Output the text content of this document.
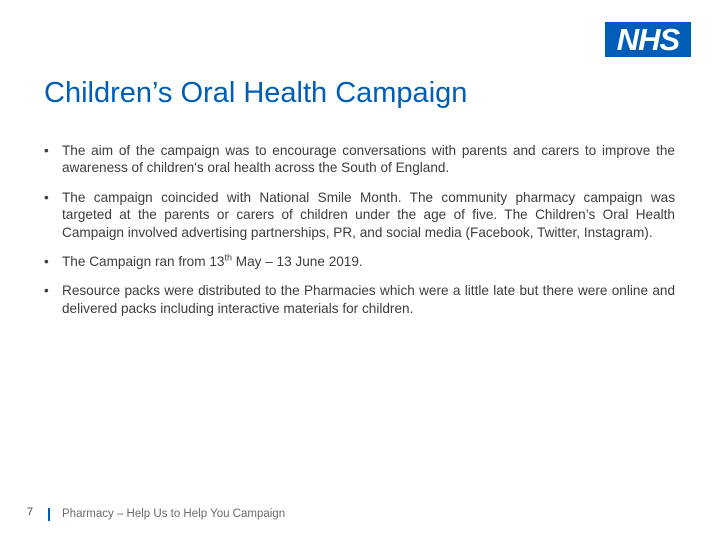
NHS
Children’s Oral Health Campaign
• The aim of the campaign was to encourage conversations with parents and carers to improve the awareness of children's oral health across the South of England.
• The campaign coincided with National Smile Month. The community pharmacy campaign was targeted at the parents or carers of children under the age of five. The Children’s Oral Health Campaign involved advertising partnerships, PR, and social media (Facebook, Twitter, Instagram).
• The Campaign ran from 13th May – 13 June 2019.
• Resource packs were distributed to the Pharmacies which were a little late but there were online and delivered packs including interactive materials for children.
7	Pharmacy – Help Us to Help You Campaign
